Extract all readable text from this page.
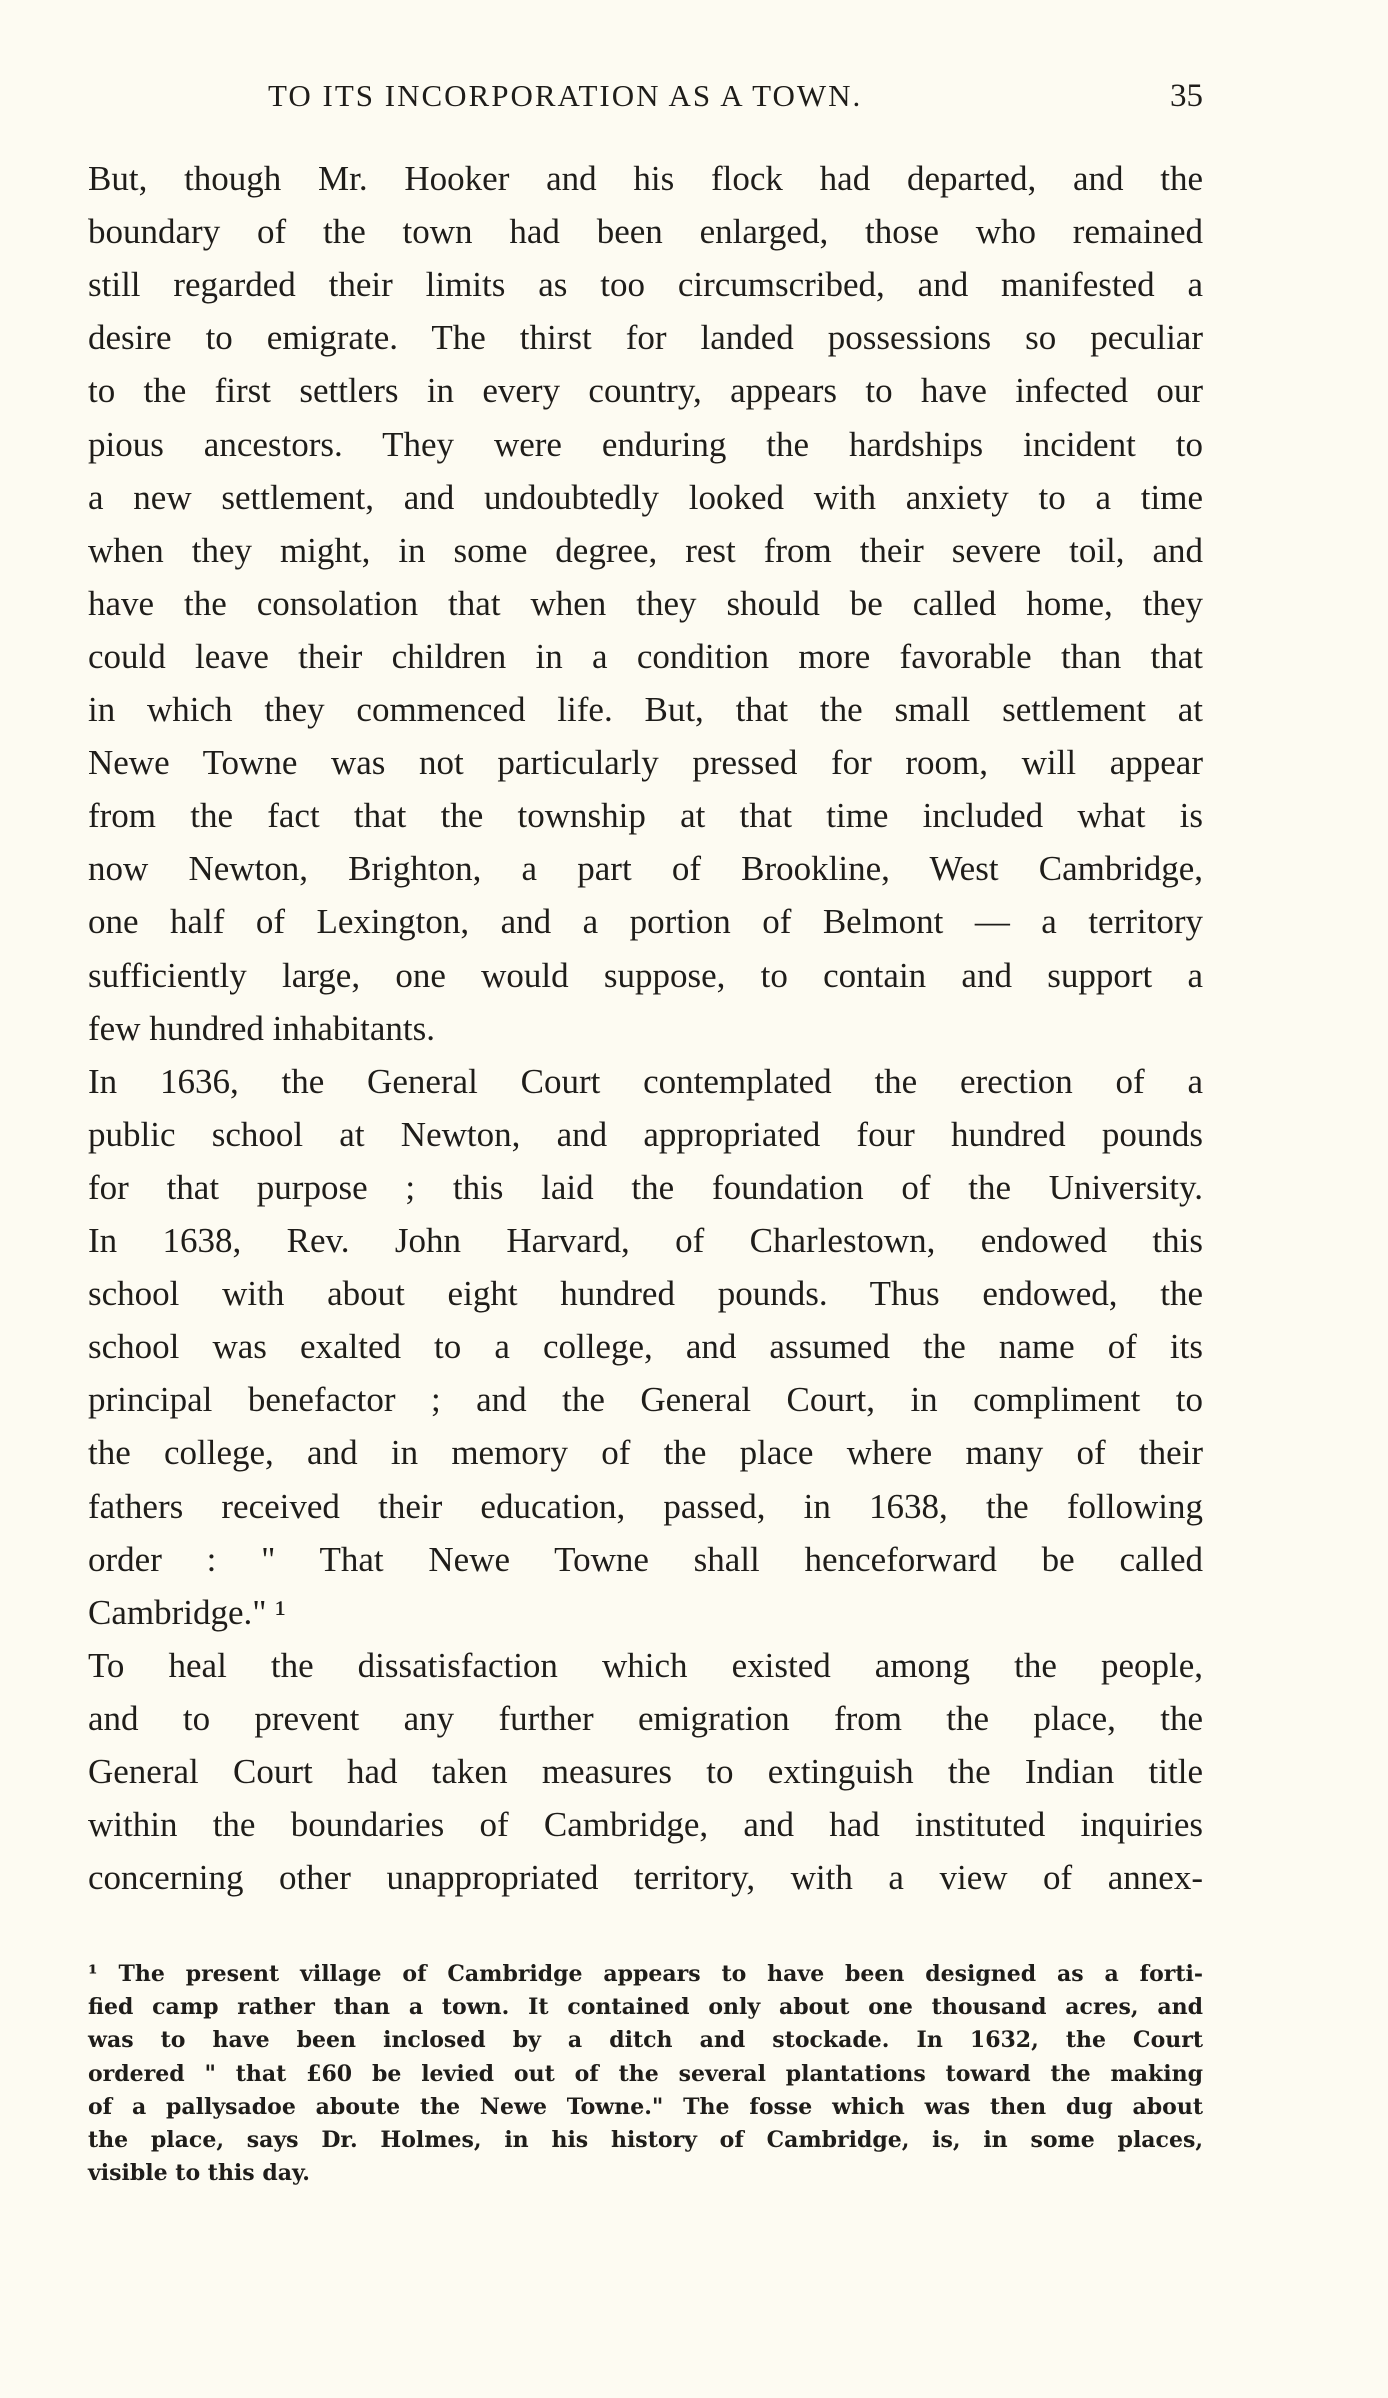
TO ITS INCORPORATION AS A TOWN.	35
But, though Mr. Hooker and his flock had departed, and the
boundary of the town had been enlarged, those who remained
still regarded their limits as too circumscribed, and manifested a
desire to emigrate. The thirst for landed possessions so peculiar
to the first settlers in every country, appears to have infected our
pious ancestors. They were enduring the hardships incident to
a new settlement, and undoubtedly looked with anxiety to a time
when they might, in some degree, rest from their severe toil, and
have the consolation that when they should be called home, they
could leave their children in a condition more favorable than that
in which they commenced life. But, that the small settlement at
Newe Towne was not particularly pressed for room, will appear
from the fact that the township at that time included what is
now Newton, Brighton, a part of Brookline, West Cambridge,
one half of Lexington, and a portion of Belmont — a territory
sufficiently large, one would suppose, to contain and support a
few hundred inhabitants.
In 1636, the General Court contemplated the erection of a
public school at Newton, and appropriated four hundred pounds
for that purpose ; this laid the foundation of the University.
In 1638, Rev. John Harvard, of Charlestown, endowed this
school with about eight hundred pounds. Thus endowed, the
school was exalted to a college, and assumed the name of its
principal benefactor ; and the General Court, in compliment to
the college, and in memory of the place where many of their
fathers received their education, passed, in 1638, the following
order : " That Newe Towne shall henceforward be called
Cambridge." ¹
To heal the dissatisfaction which existed among the people,
and to prevent any further emigration from the place, the
General Court had taken measures to extinguish the Indian title
within the boundaries of Cambridge, and had instituted inquiries
concerning other unappropriated territory, with a view of annex-
¹ The present village of Cambridge appears to have been designed as a forti-
fied camp rather than a town. It contained only about one thousand acres, and
was to have been inclosed by a ditch and stockade. In 1632, the Court
ordered " that £60 be levied out of the several plantations toward the making
of a pallysadoe aboute the Newe Towne." The fosse which was then dug about
the place, says Dr. Holmes, in his history of Cambridge, is, in some places,
visible to this day.
